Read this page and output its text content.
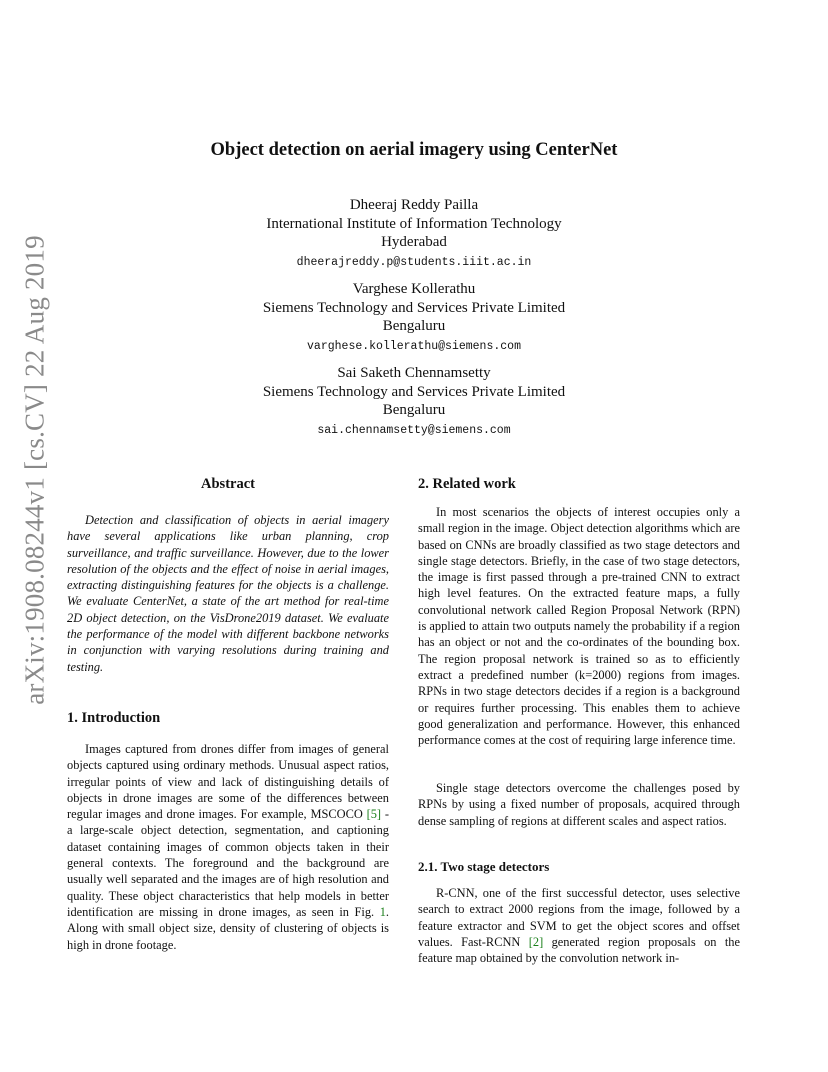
arXiv:1908.08244v1 [cs.CV] 22 Aug 2019
Object detection on aerial imagery using CenterNet
Dheeraj Reddy Pailla
International Institute of Information Technology
Hyderabad
dheerajreddy.p@students.iiit.ac.in
Varghese Kollerathu
Siemens Technology and Services Private Limited
Bengaluru
varghese.kollerathu@siemens.com
Sai Saketh Chennamsetty
Siemens Technology and Services Private Limited
Bengaluru
sai.chennamsetty@siemens.com
Abstract
Detection and classification of objects in aerial imagery have several applications like urban planning, crop surveillance, and traffic surveillance. However, due to the lower resolution of the objects and the effect of noise in aerial images, extracting distinguishing features for the objects is a challenge. We evaluate CenterNet, a state of the art method for real-time 2D object detection, on the VisDrone2019 dataset. We evaluate the performance of the model with different backbone networks in conjunction with varying resolutions during training and testing.
1. Introduction
Images captured from drones differ from images of general objects captured using ordinary methods. Unusual aspect ratios, irregular points of view and lack of distinguishing details of objects in drone images are some of the differences between regular images and drone images. For example, MSCOCO [5] - a large-scale object detection, segmentation, and captioning dataset containing images of common objects taken in their general contexts. The foreground and the background are usually well separated and the images are of high resolution and quality. These object characteristics that help models in better identification are missing in drone images, as seen in Fig. 1. Along with small object size, density of clustering of objects is high in drone footage.
2. Related work
In most scenarios the objects of interest occupies only a small region in the image. Object detection algorithms which are based on CNNs are broadly classified as two stage detectors and single stage detectors. Briefly, in the case of two stage detectors, the image is first passed through a pre-trained CNN to extract high level features. On the extracted feature maps, a fully convolutional network called Region Proposal Network (RPN) is applied to attain two outputs namely the probability if a region has an object or not and the co-ordinates of the bounding box. The region proposal network is trained so as to efficiently extract a predefined number (k=2000) regions from images. RPNs in two stage detectors decides if a region is a background or requires further processing. This enables them to achieve good generalization and performance. However, this enhanced performance comes at the cost of requiring large inference time.
Single stage detectors overcome the challenges posed by RPNs by using a fixed number of proposals, acquired through dense sampling of regions at different scales and aspect ratios.
2.1. Two stage detectors
R-CNN, one of the first successful detector, uses selective search to extract 2000 regions from the image, followed by a feature extractor and SVM to get the object scores and offset values. Fast-RCNN [2] generated region proposals on the feature map obtained by the convolution network in-
